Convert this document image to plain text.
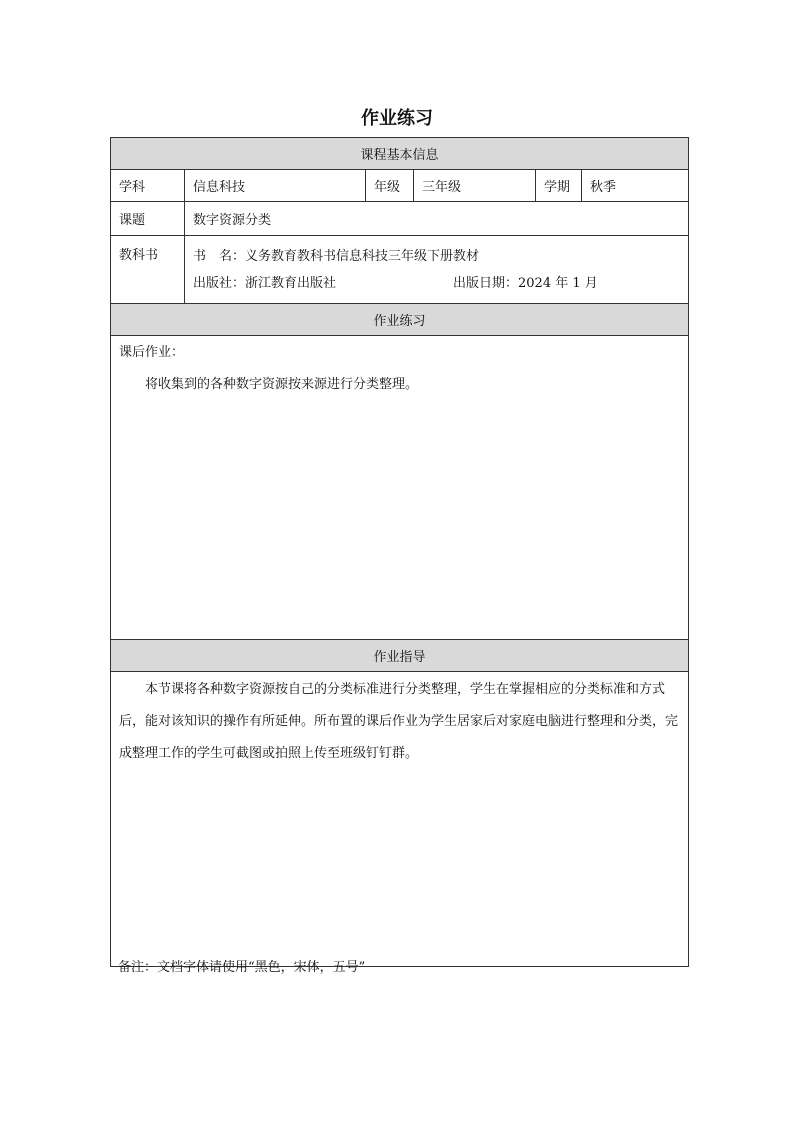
作业练习
课程基本信息					
学科	信息科技	年级	三年级	学期	秋季
课题	数字资源分类				
教科书	书　名：义务教育教科书信息科技三年级下册教材
出版社：浙江教育出版社 出版日期：2024 年 1 月				

作业练习					

课后作业：
将收集到的各种数字资源按来源进行分类整理。					

作业指导					

本节课将各种数字资源按自己的分类标准进行分类整理，学生在掌握相应的分类标准和方式后，能对该知识的操作有所延伸。所布置的课后作业为学生居家后对家庭电脑进行整理和分类，完成整理工作的学生可截图或拍照上传至班级钉钉群。					
备注：文档字体请使用“黑色，宋体，五号”
